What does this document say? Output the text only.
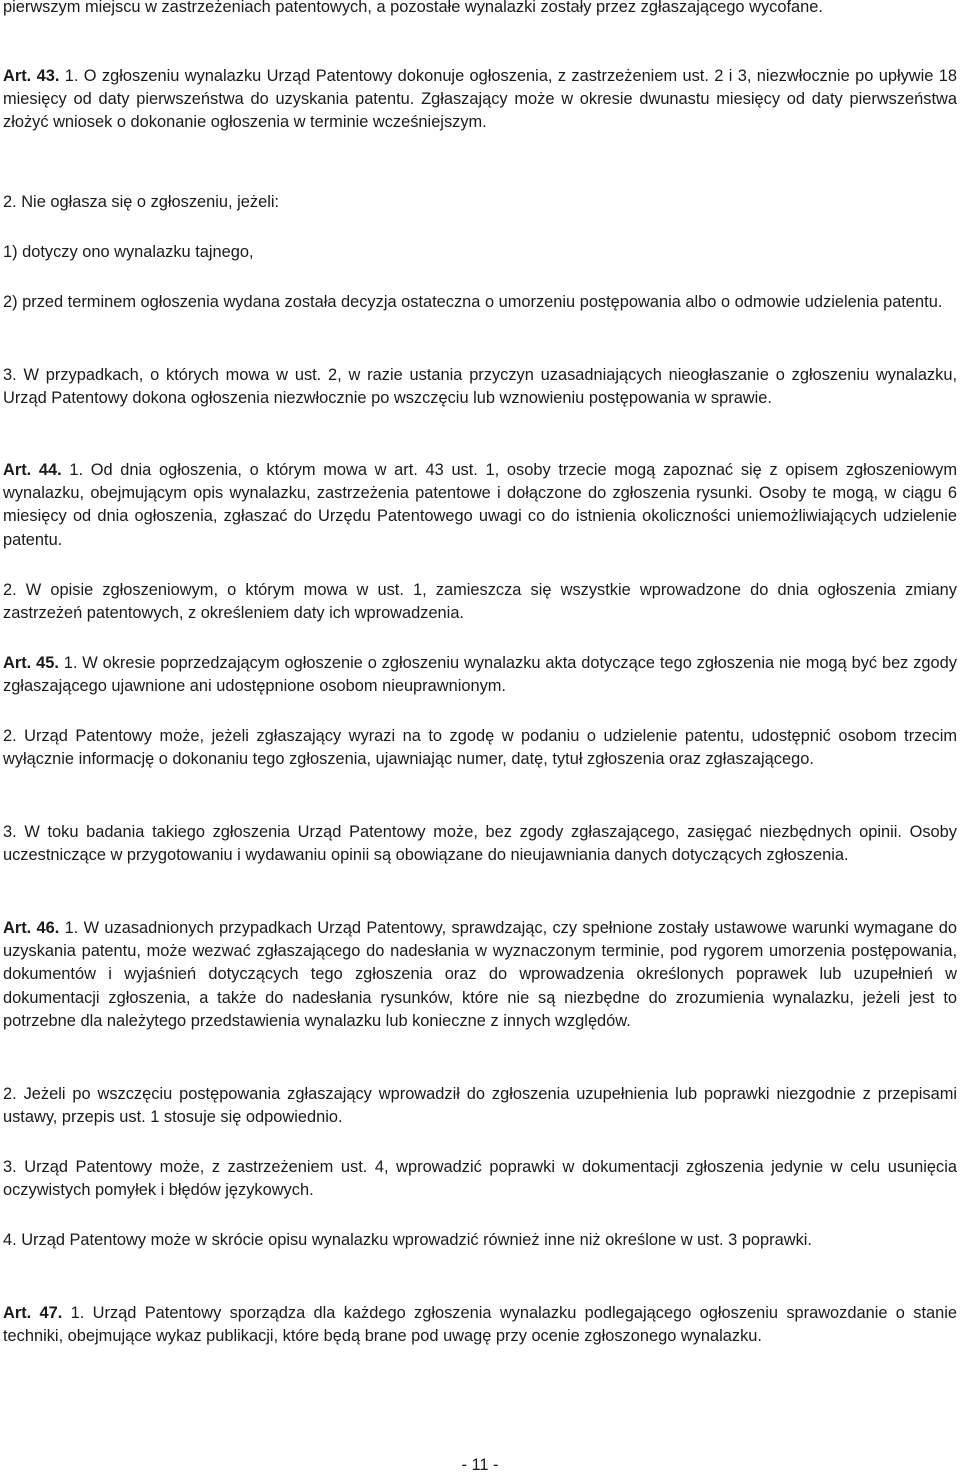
pierwszym miejscu w zastrzeżeniach patentowych, a pozostałe wynalazki zostały przez zgłaszającego wycofane.

Art. 43. 1. O zgłoszeniu wynalazku Urząd Patentowy dokonuje ogłoszenia, z zastrzeżeniem ust. 2 i 3, niezwłocznie po upływie 18 miesięcy od daty pierwszeństwa do uzyskania patentu. Zgłaszający może w okresie dwunastu miesięcy od daty pierwszeństwa złożyć wniosek o dokonanie ogłoszenia w terminie wcześniejszym.

2. Nie ogłasza się o zgłoszeniu, jeżeli:

1) dotyczy ono wynalazku tajnego,

2) przed terminem ogłoszenia wydana została decyzja ostateczna o umorzeniu postępowania albo o odmowie udzielenia patentu.

3. W przypadkach, o których mowa w ust. 2, w razie ustania przyczyn uzasadniających nieogłaszanie o zgłoszeniu wynalazku, Urząd Patentowy dokona ogłoszenia niezwłocznie po wszczęciu lub wznowieniu postępowania w sprawie.

Art. 44. 1. Od dnia ogłoszenia, o którym mowa w art. 43 ust. 1, osoby trzecie mogą zapoznać się z opisem zgłoszeniowym wynalazku, obejmującym opis wynalazku, zastrzeżenia patentowe i dołączone do zgłoszenia rysunki. Osoby te mogą, w ciągu 6 miesięcy od dnia ogłoszenia, zgłaszać do Urzędu Patentowego uwagi co do istnienia okoliczności uniemożliwiających udzielenie patentu.

2. W opisie zgłoszeniowym, o którym mowa w ust. 1, zamieszcza się wszystkie wprowadzone do dnia ogłoszenia zmiany zastrzeżeń patentowych, z określeniem daty ich wprowadzenia.

Art. 45. 1. W okresie poprzedzającym ogłoszenie o zgłoszeniu wynalazku akta dotyczące tego zgłoszenia nie mogą być bez zgody zgłaszającego ujawnione ani udostępnione osobom nieuprawnionym.

2. Urząd Patentowy może, jeżeli zgłaszający wyrazi na to zgodę w podaniu o udzielenie patentu, udostępnić osobom trzecim wyłącznie informację o dokonaniu tego zgłoszenia, ujawniając numer, datę, tytuł zgłoszenia oraz zgłaszającego.

3. W toku badania takiego zgłoszenia Urząd Patentowy może, bez zgody zgłaszającego, zasięgać niezbędnych opinii. Osoby uczestniczące w przygotowaniu i wydawaniu opinii są obowiązane do nieujawniania danych dotyczących zgłoszenia.

Art. 46. 1. W uzasadnionych przypadkach Urząd Patentowy, sprawdzając, czy spełnione zostały ustawowe warunki wymagane do uzyskania patentu, może wezwać zgłaszającego do nadesłania w wyznaczonym terminie, pod rygorem umorzenia postępowania, dokumentów i wyjaśnień dotyczących tego zgłoszenia oraz do wprowadzenia określonych poprawek lub uzupełnień w dokumentacji zgłoszenia, a także do nadesłania rysunków, które nie są niezbędne do zrozumienia wynalazku, jeżeli jest to potrzebne dla należytego przedstawienia wynalazku lub konieczne z innych względów.

2. Jeżeli po wszczęciu postępowania zgłaszający wprowadził do zgłoszenia uzupełnienia lub poprawki niezgodnie z przepisami ustawy, przepis ust. 1 stosuje się odpowiednio.

3. Urząd Patentowy może, z zastrzeżeniem ust. 4, wprowadzić poprawki w dokumentacji zgłoszenia jedynie w celu usunięcia oczywistych pomyłek i błędów językowych.

4. Urząd Patentowy może w skrócie opisu wynalazku wprowadzić również inne niż określone w ust. 3 poprawki.

Art. 47. 1. Urząd Patentowy sporządza dla każdego zgłoszenia wynalazku podlegającego ogłoszeniu sprawozdanie o stanie techniki, obejmujące wykaz publikacji, które będą brane pod uwagę przy ocenie zgłoszonego wynalazku.

- 11 -
